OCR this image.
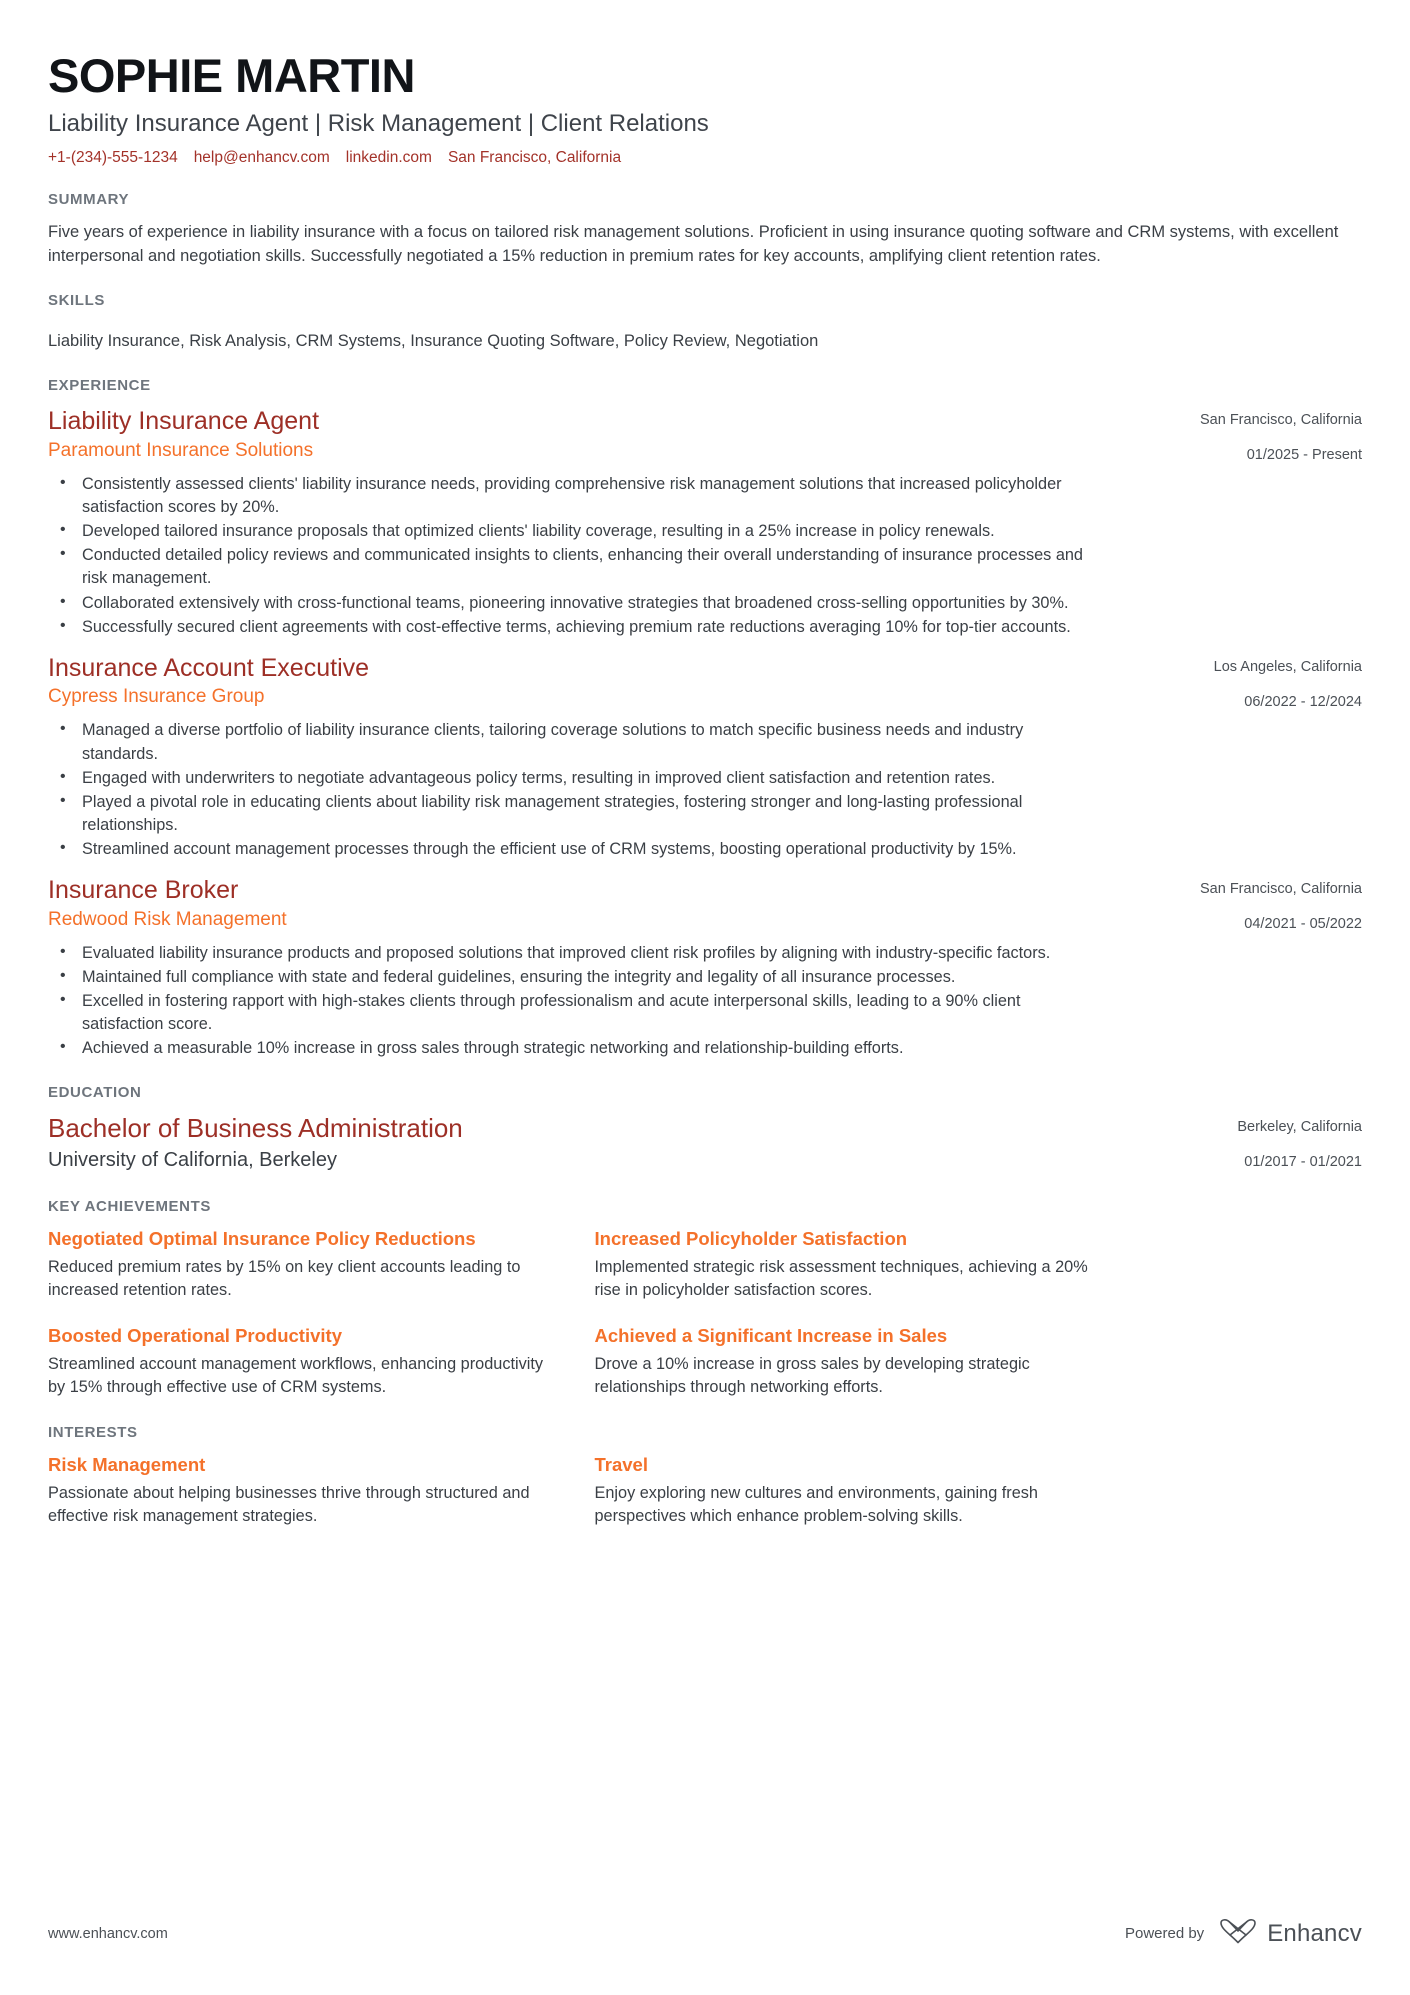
SOPHIE MARTIN
Liability Insurance Agent | Risk Management | Client Relations
+1-(234)-555-1234 help@enhancv.com linkedin.com San Francisco, California
SUMMARY
Five years of experience in liability insurance with a focus on tailored risk management solutions. Proficient in using insurance quoting software and CRM systems, with excellent interpersonal and negotiation skills. Successfully negotiated a 15% reduction in premium rates for key accounts, amplifying client retention rates.
SKILLS
Liability Insurance, Risk Analysis, CRM Systems, Insurance Quoting Software, Policy Review, Negotiation
EXPERIENCE
Liability Insurance Agent
Paramount Insurance Solutions
San Francisco, California
01/2025 - Present
• Consistently assessed clients' liability insurance needs, providing comprehensive risk management solutions that increased policyholder satisfaction scores by 20%.
• Developed tailored insurance proposals that optimized clients' liability coverage, resulting in a 25% increase in policy renewals.
• Conducted detailed policy reviews and communicated insights to clients, enhancing their overall understanding of insurance processes and risk management.
• Collaborated extensively with cross-functional teams, pioneering innovative strategies that broadened cross-selling opportunities by 30%.
• Successfully secured client agreements with cost-effective terms, achieving premium rate reductions averaging 10% for top-tier accounts.
Insurance Account Executive
Cypress Insurance Group
Los Angeles, California
06/2022 - 12/2024
• Managed a diverse portfolio of liability insurance clients, tailoring coverage solutions to match specific business needs and industry standards.
• Engaged with underwriters to negotiate advantageous policy terms, resulting in improved client satisfaction and retention rates.
• Played a pivotal role in educating clients about liability risk management strategies, fostering stronger and long-lasting professional relationships.
• Streamlined account management processes through the efficient use of CRM systems, boosting operational productivity by 15%.
Insurance Broker
Redwood Risk Management
San Francisco, California
04/2021 - 05/2022
• Evaluated liability insurance products and proposed solutions that improved client risk profiles by aligning with industry-specific factors.
• Maintained full compliance with state and federal guidelines, ensuring the integrity and legality of all insurance processes.
• Excelled in fostering rapport with high-stakes clients through professionalism and acute interpersonal skills, leading to a 90% client satisfaction score.
• Achieved a measurable 10% increase in gross sales through strategic networking and relationship-building efforts.
EDUCATION
Bachelor of Business Administration
University of California, Berkeley
Berkeley, California
01/2017 - 01/2021
KEY ACHIEVEMENTS
Negotiated Optimal Insurance Policy Reductions
Reduced premium rates by 15% on key client accounts leading to increased retention rates.
Increased Policyholder Satisfaction
Implemented strategic risk assessment techniques, achieving a 20% rise in policyholder satisfaction scores.
Boosted Operational Productivity
Streamlined account management workflows, enhancing productivity by 15% through effective use of CRM systems.
Achieved a Significant Increase in Sales
Drove a 10% increase in gross sales by developing strategic relationships through networking efforts.
INTERESTS
Risk Management
Passionate about helping businesses thrive through structured and effective risk management strategies.
Travel
Enjoy exploring new cultures and environments, gaining fresh perspectives which enhance problem-solving skills.
www.enhancv.com	Powered by	Enhancv
